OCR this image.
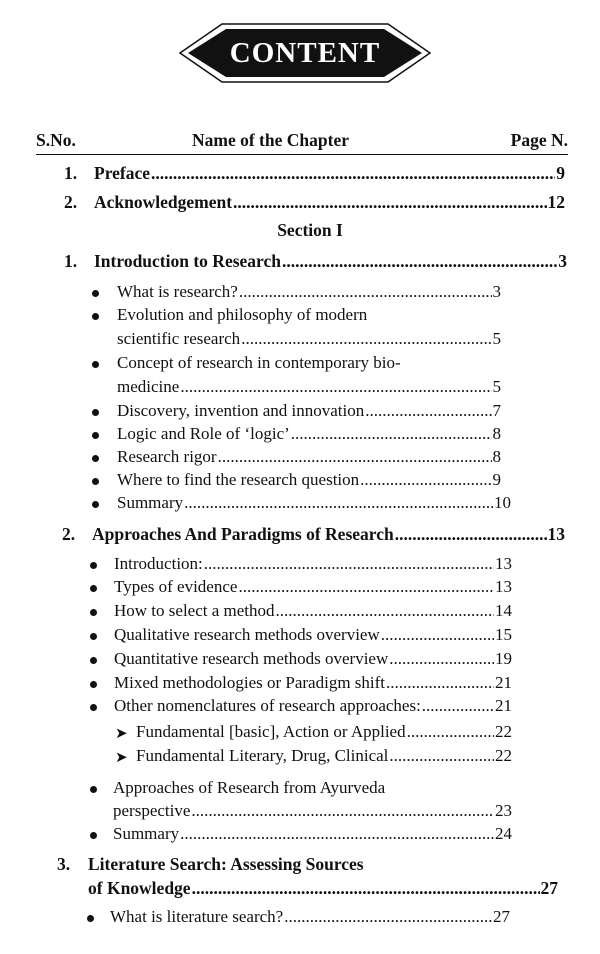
CONTENT
S.No.	Name of the Chapter	Page N.
1. Preface .....	9
2. Acknowledgement .....	12
Section I
1. Introduction to Research .....	3
What is research? .....	3
Evolution and philosophy of modern
scientific research .....	5
Concept of research in contemporary bio-
medicine .....	5
Discovery, invention and innovation .....	7
Logic and Role of ‘logic’ .....	8
Research rigor .....	8
Where to find the research question .....	9
Summary .....	10
2. Approaches And Paradigms of Research .....	13
Introduction: .....	13
Types of evidence .....	13
How to select a method .....	14
Qualitative research methods overview .....	15
Quantitative research methods overview .....	19
Mixed methodologies or Paradigm shift .....	21
Other nomenclatures of research approaches: .....	21
➤ Fundamental [basic], Action or Applied .....	22
➤ Fundamental Literary, Drug, Clinical .....	22
Approaches of Research from Ayurveda
perspective .....	23
Summary .....	24
3. Literature Search: Assessing Sources
of Knowledge .....	27
What is literature search? .....	27
